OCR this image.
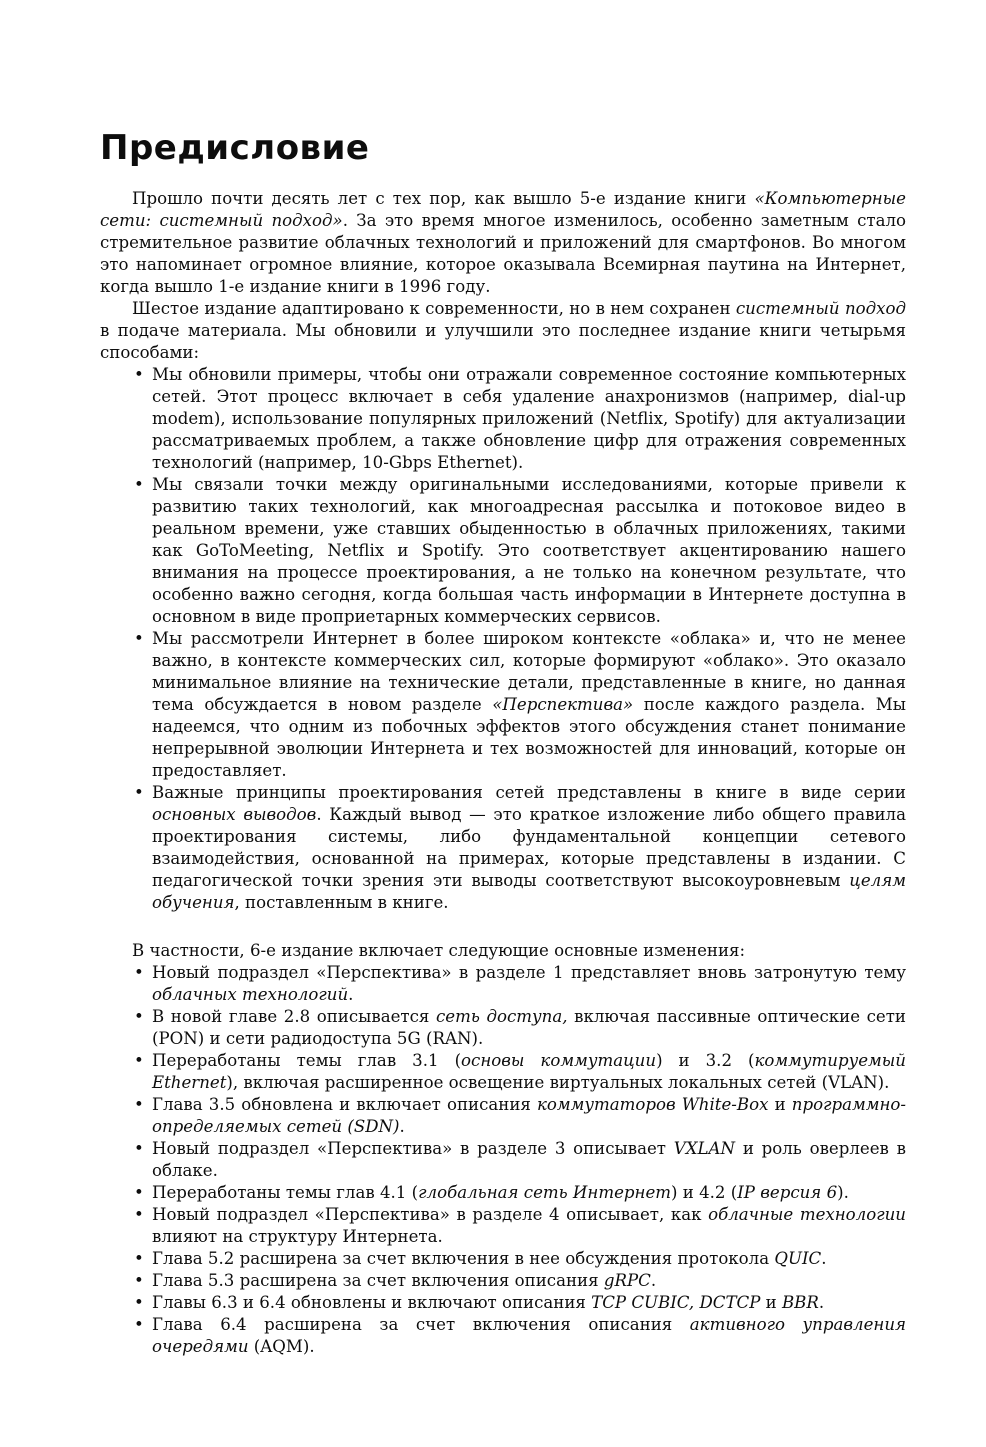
Предисловие

Прошло почти десять лет с тех пор, как вышло 5-е издание книги «Компьютерные сети: системный подход». За это время многое изменилось, особенно заметным стало стремительное развитие облачных технологий и приложений для смартфонов. Во многом это напоминает огромное влияние, которое оказывала Всемирная паутина на Интернет, когда вышло 1-е издание книги в 1996 году.

Шестое издание адаптировано к современности, но в нем сохранен системный подход в подаче материала. Мы обновили и улучшили это последнее издание книги четырьмя способами:

• Мы обновили примеры, чтобы они отражали современное состояние компьютерных сетей. Этот процесс включает в себя удаление анахронизмов (например, dial-up modem), использование популярных приложений (Netflix, Spotify) для актуализации рассматриваемых проблем, а также обновление цифр для отражения современных технологий (например, 10-Gbps Ethernet).
• Мы связали точки между оригинальными исследованиями, которые привели к развитию таких технологий, как многоадресная рассылка и потоковое видео в реальном времени, уже ставших обыденностью в облачных приложениях, такими как GoToMeeting, Netflix и Spotify. Это соответствует акцентированию нашего внимания на процессе проектирования, а не только на конечном результате, что особенно важно сегодня, когда большая часть информации в Интернете доступна в основном в виде проприетарных коммерческих сервисов.
• Мы рассмотрели Интернет в более широком контексте «облака» и, что не менее важно, в контексте коммерческих сил, которые формируют «облако». Это оказало минимальное влияние на технические детали, представленные в книге, но данная тема обсуждается в новом разделе «Перспектива» после каждого раздела. Мы надеемся, что одним из побочных эффектов этого обсуждения станет понимание непрерывной эволюции Интернета и тех возможностей для инноваций, которые он предоставляет.
• Важные принципы проектирования сетей представлены в книге в виде серии основных выводов. Каждый вывод — это краткое изложение либо общего правила проектирования системы, либо фундаментальной концепции сетевого взаимодействия, основанной на примерах, которые представлены в издании. С педагогической точки зрения эти выводы соответствуют высокоуровневым целям обучения, поставленным в книге.

В частности, 6-е издание включает следующие основные изменения:

• Новый подраздел «Перспектива» в разделе 1 представляет вновь затронутую тему облачных технологий.
• В новой главе 2.8 описывается сеть доступа, включая пассивные оптические сети (PON) и сети радиодоступа 5G (RAN).
• Переработаны темы глав 3.1 (основы коммутации) и 3.2 (коммутируемый Ethernet), включая расширенное освещение виртуальных локальных сетей (VLAN).
• Глава 3.5 обновлена и включает описания коммутаторов White-Box и программно-определяемых сетей (SDN).
• Новый подраздел «Перспектива» в разделе 3 описывает VXLAN и роль оверлеев в облаке.
• Переработаны темы глав 4.1 (глобальная сеть Интернет) и 4.2 (IP версия 6).
• Новый подраздел «Перспектива» в разделе 4 описывает, как облачные технологии влияют на структуру Интернета.
• Глава 5.2 расширена за счет включения в нее обсуждения протокола QUIC.
• Глава 5.3 расширена за счет включения описания gRPC.
• Главы 6.3 и 6.4 обновлены и включают описания TCP CUBIC, DCTCP и BBR.
• Глава 6.4 расширена за счет включения описания активного управления очередями (AQM).
